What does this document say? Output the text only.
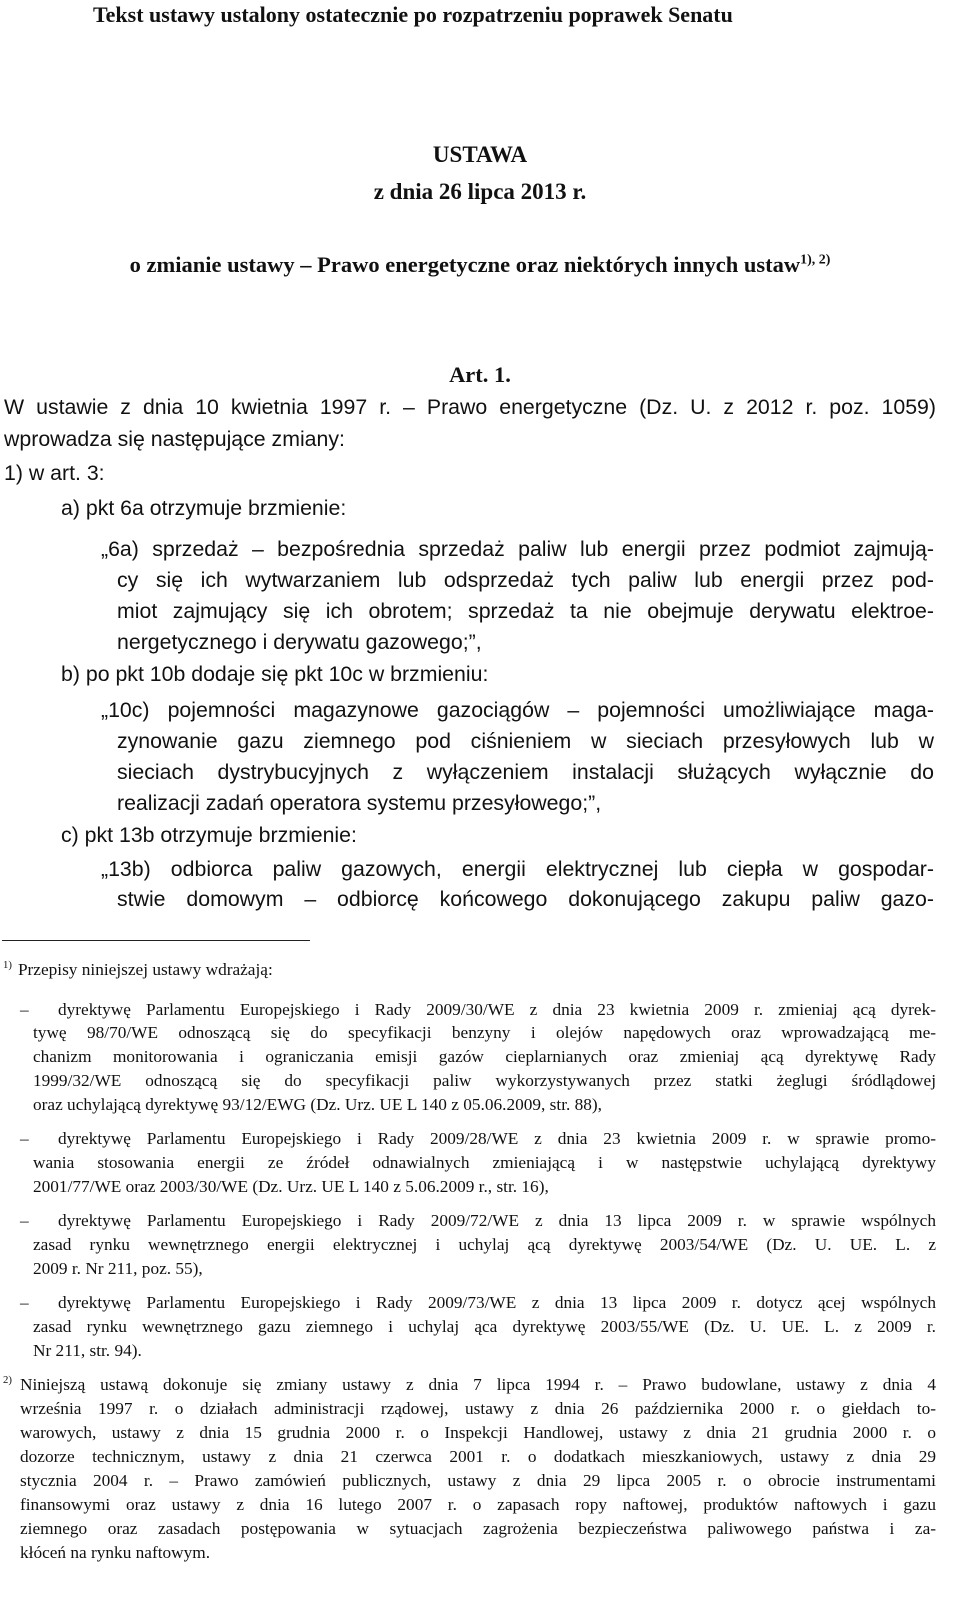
Tekst ustawy ustalony ostatecznie po rozpatrzeniu poprawek Senatu
USTAWA
z dnia 26 lipca 2013 r.
o zmianie ustawy – Prawo energetyczne oraz niektórych innych ustaw$^{1), 2)}$
Art. 1.
W ustawie z dnia 10 kwietnia 1997 r. – Prawo energetyczne (Dz. U. z 2012 r. poz. 1059)
wprowadza się następujące zmiany:
1) w art. 3:
a) pkt 6a otrzymuje brzmienie:
„6a) sprzedaż – bezpośrednia sprzedaż paliw lub energii przez podmiot zajmują-
cy się ich wytwarzaniem lub odsprzedaż tych paliw lub energii przez pod-
miot zajmujący się ich obrotem; sprzedaż ta nie obejmuje derywatu elektroe-
nergetycznego i derywatu gazowego;”,
b) po pkt 10b dodaje się pkt 10c w brzmieniu:
„10c) pojemności magazynowe gazociągów – pojemności umożliwiające maga-
zynowanie gazu ziemnego pod ciśnieniem w sieciach przesyłowych lub w
sieciach dystrybucyjnych z wyłączeniem instalacji służących wyłącznie do
realizacji zadań operatora systemu przesyłowego;”,
c) pkt 13b otrzymuje brzmienie:
„13b) odbiorca paliw gazowych, energii elektrycznej lub ciepła w gospodar-
stwie domowym – odbiorcę końcowego dokonującego zakupu paliw gazo-
$^{1)}$ Przepisy niniejszej ustawy wdrażają:
– dyrektywę Parlamentu Europejskiego i Rady 2009/30/WE z dnia 23 kwietnia 2009 r. zmieniaj ącą dyrek-
tywę 98/70/WE odnoszącą się do specyfikacji benzyny i olejów napędowych oraz wprowadzającą me-
chanizm monitorowania i ograniczania emisji gazów cieplarnianych oraz zmieniaj ącą dyrektywę Rady
1999/32/WE odnoszącą się do specyfikacji paliw wykorzystywanych przez statki żeglugi śródlądowej
oraz uchylającą dyrektywę 93/12/EWG (Dz. Urz. UE L 140 z 05.06.2009, str. 88),
– dyrektywę Parlamentu Europejskiego i Rady 2009/28/WE z dnia 23 kwietnia 2009 r. w sprawie promo-
wania stosowania energii ze źródeł odnawialnych zmieniającą i w następstwie uchylającą dyrektywy
2001/77/WE oraz 2003/30/WE (Dz. Urz. UE L 140 z 5.06.2009 r., str. 16),
– dyrektywę Parlamentu Europejskiego i Rady 2009/72/WE z dnia 13 lipca 2009 r. w sprawie wspólnych
zasad rynku wewnętrznego energii elektrycznej i uchylaj ącą dyrektywę 2003/54/WE (Dz. U. UE. L. z
2009 r. Nr 211, poz. 55),
– dyrektywę Parlamentu Europejskiego i Rady 2009/73/WE z dnia 13 lipca 2009 r. dotycz ącej wspólnych
zasad rynku wewnętrznego gazu ziemnego i uchylaj ąca dyrektywę 2003/55/WE (Dz. U. UE. L. z 2009 r.
Nr 211, str. 94).
$^{2)}$ Niniejszą ustawą dokonuje się zmiany ustawy z dnia 7 lipca 1994 r. – Prawo budowlane, ustawy z dnia 4
września 1997 r. o działach administracji rządowej, ustawy z dnia 26 października 2000 r. o giełdach to-
warowych, ustawy z dnia 15 grudnia 2000 r. o Inspekcji Handlowej, ustawy z dnia 21 grudnia 2000 r. o
dozorze technicznym, ustawy z dnia 21 czerwca 2001 r. o dodatkach mieszkaniowych, ustawy z dnia 29
stycznia 2004 r. – Prawo zamówień publicznych, ustawy z dnia 29 lipca 2005 r. o obrocie instrumentami
finansowymi oraz ustawy z dnia 16 lutego 2007 r. o zapasach ropy naftowej, produktów naftowych i gazu
ziemnego oraz zasadach postępowania w sytuacjach zagrożenia bezpieczeństwa paliwowego państwa i za-
kłóceń na rynku naftowym.
